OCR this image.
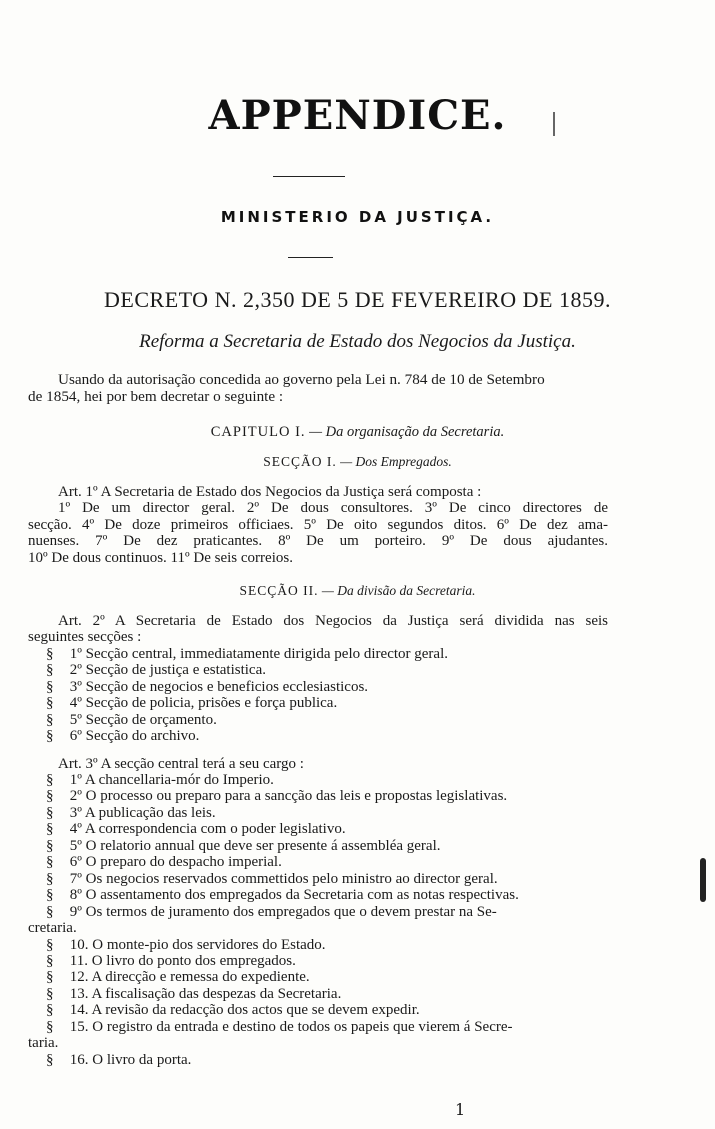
APPENDICE.
MINISTERIO DA JUSTIÇA.
DECRETO N. 2,350 DE 5 DE FEVEREIRO DE 1859.
Reforma a Secretaria de Estado dos Negocios da Justiça.
Usando da autorisação concedida ao governo pela Lei n. 784 de 10 de Setembro
de 1854, hei por bem decretar o seguinte :
CAPITULO I. — Da organisação da Secretaria.
SECÇÃO I. — Dos Empregados.

Art. 1º A Secretaria de Estado dos Negocios da Justiça será composta :

1º De um director geral. 2º De dous consultores. 3º De cinco directores de

secção. 4º De doze primeiros officiaes. 5º De oito segundos ditos. 6º De dez ama-

nuenses. 7º De dez praticantes. 8º De um porteiro. 9º De dous ajudantes.

10º De dous continuos. 11º De seis correios.

SECÇÃO II. — Da divisão da Secretaria.

Art. 2º A Secretaria de Estado dos Negocios da Justiça será dividida nas seis

seguintes secções :

§ 1º Secção central, immediatamente dirigida pelo director geral.
§ 2º Secção de justiça e estatistica.
§ 3º Secção de negocios e beneficios ecclesiasticos.
§ 4º Secção de policia, prisões e força publica.
§ 5º Secção de orçamento.
§ 6º Secção do archivo.

Art. 3º A secção central terá a seu cargo :

§ 1º A chancellaria-mór do Imperio.
§ 2º O processo ou preparo para a sancção das leis e propostas legislativas.
§ 3º A publicação das leis.
§ 4º A correspondencia com o poder legislativo.
§ 5º O relatorio annual que deve ser presente á assembléa geral.
§ 6º O preparo do despacho imperial.
§ 7º Os negocios reservados commettidos pelo ministro ao director geral.
§ 8º O assentamento dos empregados da Secretaria com as notas respectivas.
§ 9º Os termos de juramento dos empregados que o devem prestar na Se-
cretaria.
§ 10. O monte-pio dos servidores do Estado.
§ 11. O livro do ponto dos empregados.
§ 12. A direcção e remessa do expediente.
§ 13. A fiscalisação das despezas da Secretaria.
§ 14. A revisão da redacção dos actos que se devem expedir.
§ 15. O registro da entrada e destino de todos os papeis que vierem á Secre-
taria.
§ 16. O livro da porta.
1
